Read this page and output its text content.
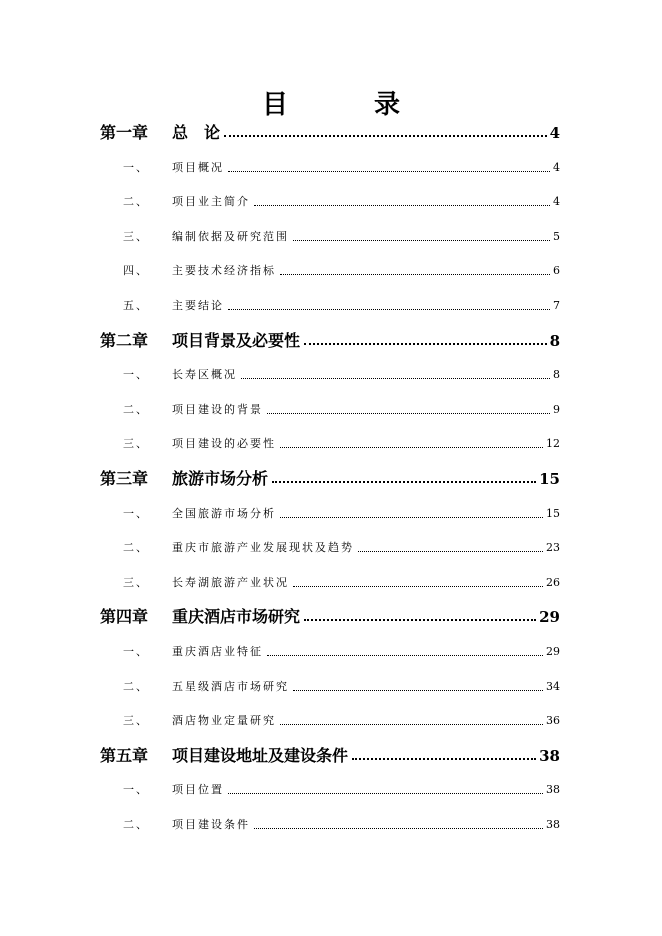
目　录
第一章 总　论	4
一、 项目概况	4
二、 项目业主简介	4
三、 编制依据及研究范围	5
四、 主要技术经济指标	6
五、 主要结论	7
第二章 项目背景及必要性	8
一、 长寿区概况	8
二、 项目建设的背景	9
三、 项目建设的必要性	12
第三章 旅游市场分析	15
一、 全国旅游市场分析	15
二、 重庆市旅游产业发展现状及趋势	23
三、 长寿湖旅游产业状况	26
第四章 重庆酒店市场研究	29
一、 重庆酒店业特征	29
二、 五星级酒店市场研究	34
三、 酒店物业定量研究	36
第五章 项目建设地址及建设条件	38
一、 项目位置	38
二、 项目建设条件	38
